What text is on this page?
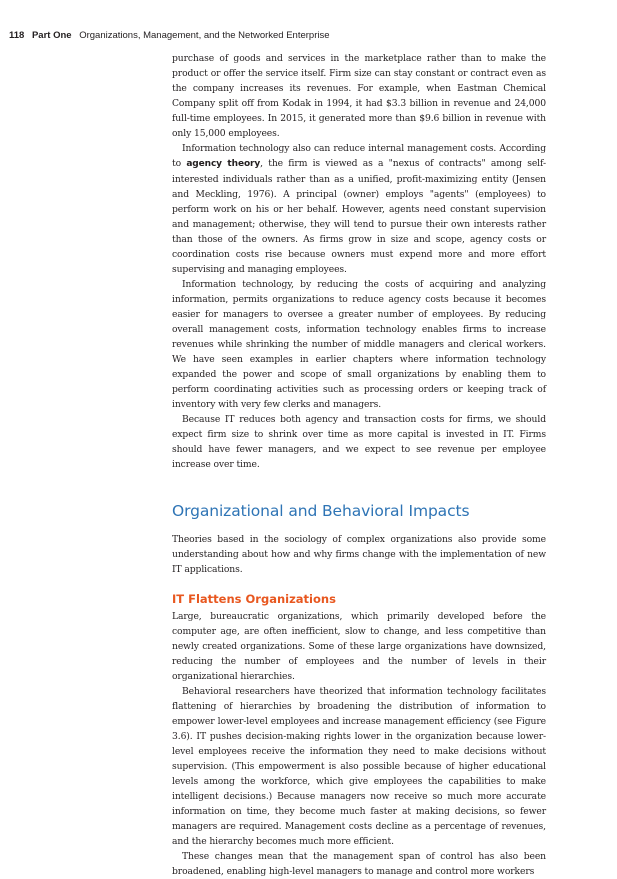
118 Part One Organizations, Management, and the Networked Enterprise

purchase of goods and services in the marketplace rather than to make the product or offer the service itself. Firm size can stay constant or contract even as the company increases its revenues. For example, when Eastman Chemical Company split off from Kodak in 1994, it had $3.3 billion in revenue and 24,000 full-time employees. In 2015, it generated more than $9.6 billion in revenue with only 15,000 employees.

Information technology also can reduce internal management costs. According to agency theory, the firm is viewed as a "nexus of contracts" among self-interested individuals rather than as a unified, profit-maximizing entity (Jensen and Meckling, 1976). A principal (owner) employs "agents" (employees) to perform work on his or her behalf. However, agents need constant supervision and management; otherwise, they will tend to pursue their own interests rather than those of the owners. As firms grow in size and scope, agency costs or coordination costs rise because owners must expend more and more effort supervising and managing employees.

Information technology, by reducing the costs of acquiring and analyzing information, permits organizations to reduce agency costs because it becomes easier for managers to oversee a greater number of employees. By reducing overall management costs, information technology enables firms to increase revenues while shrinking the number of middle managers and clerical workers. We have seen examples in earlier chapters where information technology expanded the power and scope of small organizations by enabling them to perform coordinating activities such as processing orders or keeping track of inventory with very few clerks and managers.

Because IT reduces both agency and transaction costs for firms, we should expect firm size to shrink over time as more capital is invested in IT. Firms should have fewer managers, and we expect to see revenue per employee increase over time.

Organizational and Behavioral Impacts

Theories based in the sociology of complex organizations also provide some understanding about how and why firms change with the implementation of new IT applications.

IT Flattens Organizations

Large, bureaucratic organizations, which primarily developed before the computer age, are often inefficient, slow to change, and less competitive than newly created organizations. Some of these large organizations have downsized, reducing the number of employees and the number of levels in their organizational hierarchies.

Behavioral researchers have theorized that information technology facilitates flattening of hierarchies by broadening the distribution of information to empower lower-level employees and increase management efficiency (see Figure 3.6). IT pushes decision-making rights lower in the organization because lower-level employees receive the information they need to make decisions without supervision. (This empowerment is also possible because of higher educational levels among the workforce, which give employees the capabilities to make intelligent decisions.) Because managers now receive so much more accurate information on time, they become much faster at making decisions, so fewer managers are required. Management costs decline as a percentage of revenues, and the hierarchy becomes much more efficient.

These changes mean that the management span of control has also been broadened, enabling high-level managers to manage and control more workers
